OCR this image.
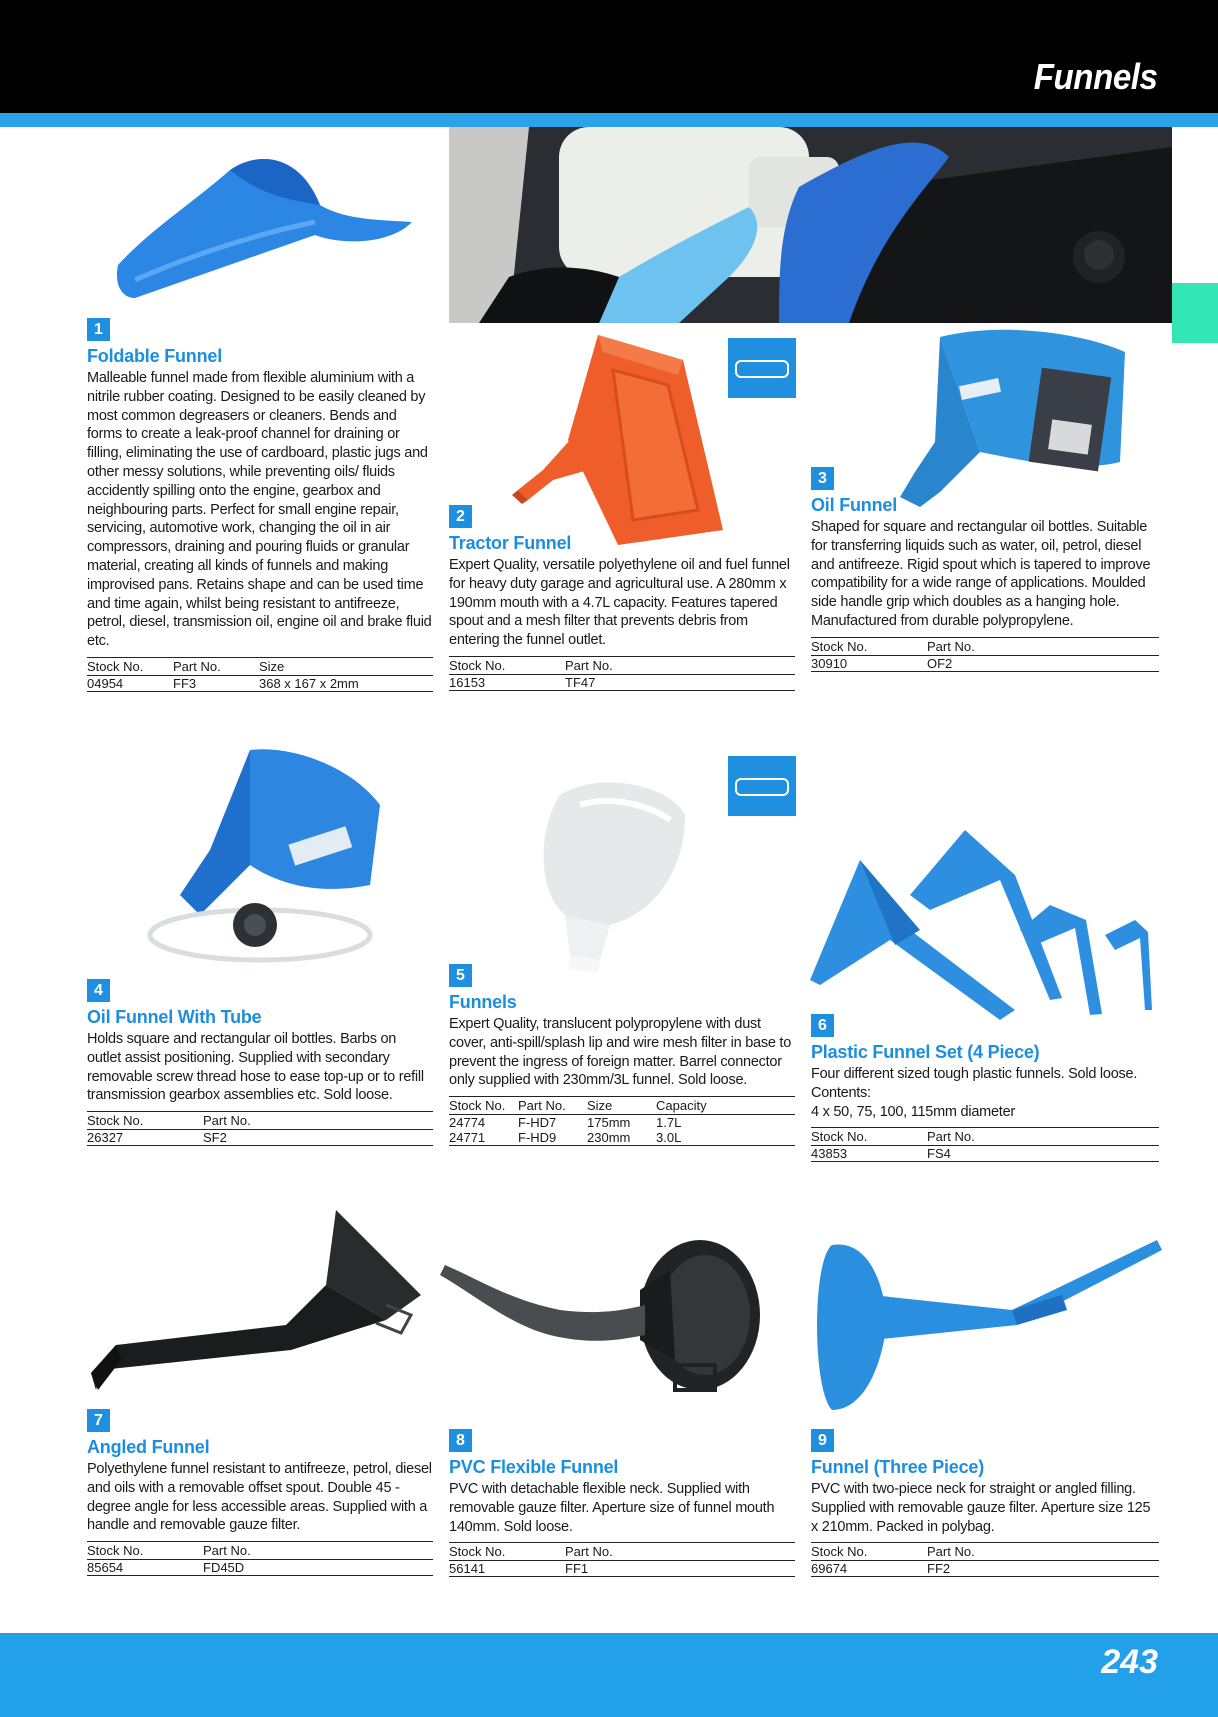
Funnels
243
1
Foldable Funnel
Malleable funnel made from flexible aluminium with a nitrile rubber coating. Designed to be easily cleaned by most common degreasers or cleaners. Bends and forms to create a leak-proof channel for draining or filling, eliminating the use of cardboard, plastic jugs and other messy solutions, while preventing oils/ fluids accidently spilling onto the engine, gearbox and neighbouring parts. Perfect for small engine repair, servicing, automotive work, changing the oil in air compressors, draining and pouring fluids or granular material, creating all kinds of funnels and making improvised pans. Retains shape and can be used time and time again, whilst being resistant to antifreeze, petrol, diesel, transmission oil, engine oil and brake fluid etc.
Stock No.	Part No.	Size
04954	FF3	368 x 167 x 2mm
2
Tractor Funnel
Expert Quality, versatile polyethylene oil and fuel funnel for heavy duty garage and agricultural use. A 280mm x 190mm mouth with a 4.7L capacity. Features tapered spout and a mesh filter that prevents debris from entering the funnel outlet.
Stock No.	Part No.
16153	TF47
3
Oil Funnel
Shaped for square and rectangular oil bottles. Suitable for transferring liquids such as water, oil, petrol, diesel and antifreeze. Rigid spout which is tapered to improve compatibility for a wide range of applications. Moulded side handle grip which doubles as a hanging hole. Manufactured from durable polypropylene.
Stock No.	Part No.
30910	OF2
4
Oil Funnel With Tube
Holds square and rectangular oil bottles. Barbs on outlet assist positioning. Supplied with secondary removable screw thread hose to ease top-up or to refill transmission gearbox assemblies etc. Sold loose.
Stock No.	Part No.
26327	SF2
5
Funnels
Expert Quality, translucent polypropylene with dust cover, anti-spill/splash lip and wire mesh filter in base to prevent the ingress of foreign matter. Barrel connector only supplied with 230mm/3L funnel. Sold loose.
Stock No.	Part No.	Size	Capacity
24774	F-HD7	175mm	1.7L
24771	F-HD9	230mm	3.0L
6
Plastic Funnel Set (4 Piece)
Four different sized tough plastic funnels. Sold loose.
Contents:
4 x 50, 75, 100, 115mm diameter
Stock No.	Part No.
43853	FS4
7
Angled Funnel
Polyethylene funnel resistant to antifreeze, petrol, diesel and oils with a removable offset spout. Double 45 - degree angle for less accessible areas. Supplied with a handle and removable gauze filter.
Stock No.	Part No.
85654	FD45D
8
PVC Flexible Funnel
PVC with detachable flexible neck. Supplied with removable gauze filter. Aperture size of funnel mouth 140mm. Sold loose.
Stock No.	Part No.
56141	FF1
9
Funnel (Three Piece)
PVC with two-piece neck for straight or angled filling. Supplied with removable gauze filter. Aperture size 125 x 210mm. Packed in polybag.
Stock No.	Part No.
69674	FF2
